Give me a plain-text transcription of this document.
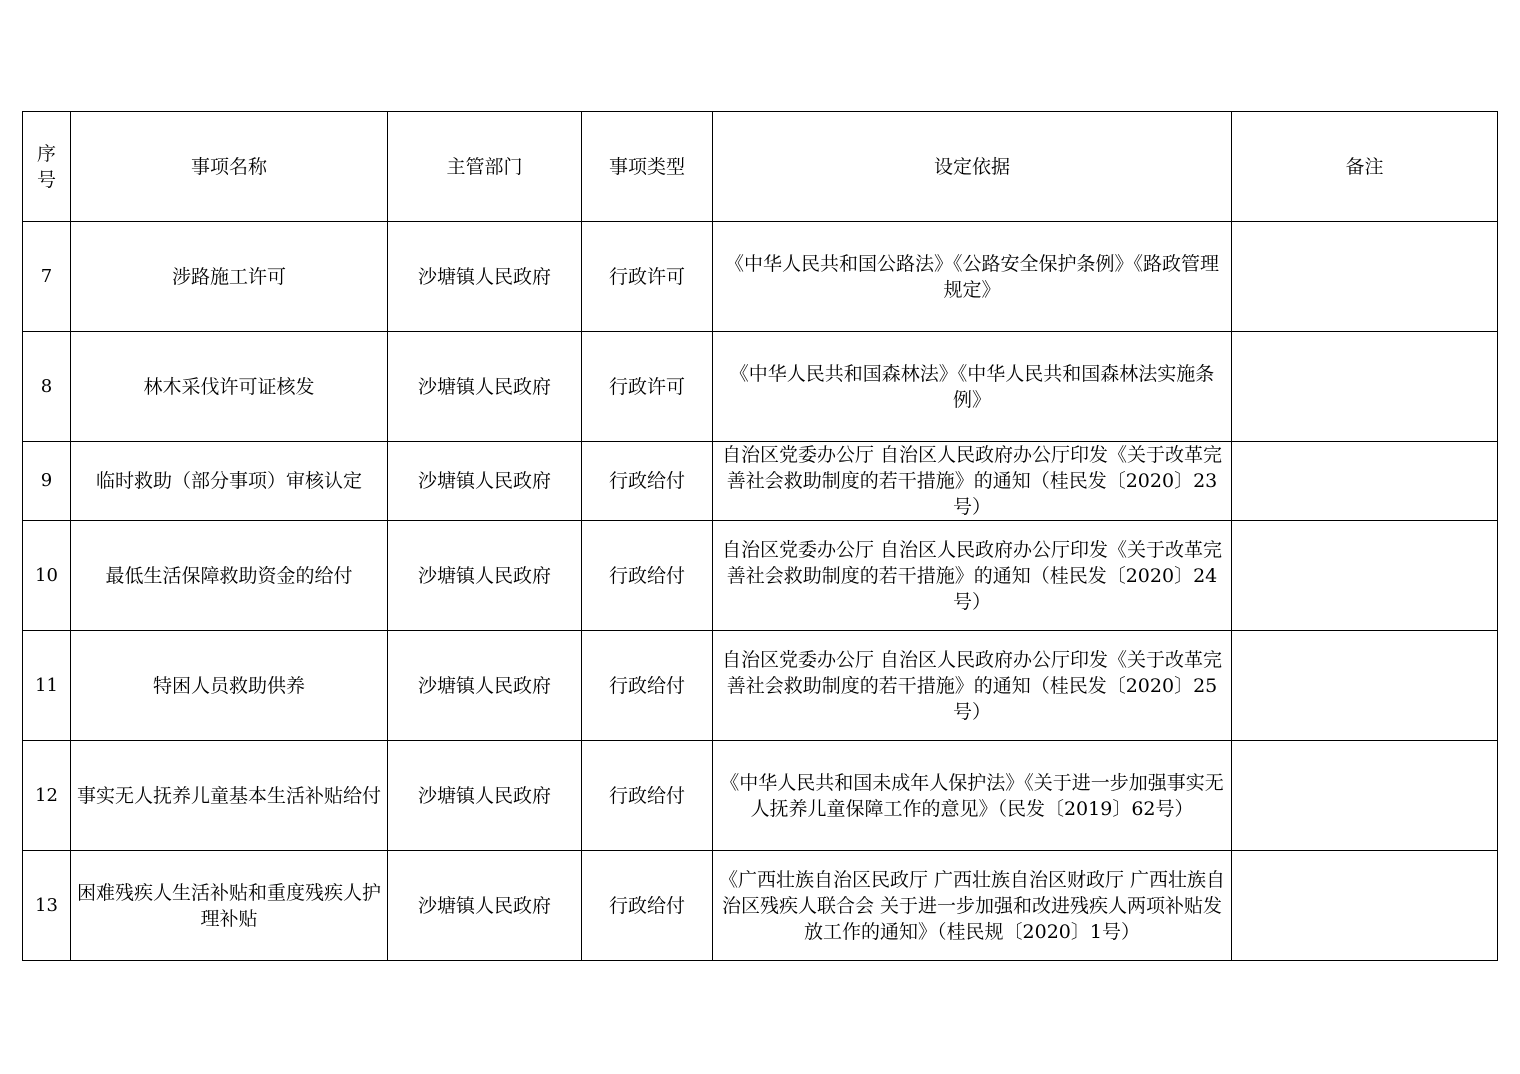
序号	事项名称	主管部门	事项类型	设定依据	备注
7	涉路施工许可	沙塘镇人民政府	行政许可	《中华人民共和国公路法》《公路安全保护条例》《路政管理规定》	
8	林木采伐许可证核发	沙塘镇人民政府	行政许可	《中华人民共和国森林法》《中华人民共和国森林法实施条例》	
9	临时救助（部分事项）审核认定	沙塘镇人民政府	行政给付	自治区党委办公厅 自治区人民政府办公厅印发《关于改革完善社会救助制度的若干措施》的通知（桂民发〔2020〕23号）	
10	最低生活保障救助资金的给付	沙塘镇人民政府	行政给付	自治区党委办公厅 自治区人民政府办公厅印发《关于改革完善社会救助制度的若干措施》的通知（桂民发〔2020〕24号）	
11	特困人员救助供养	沙塘镇人民政府	行政给付	自治区党委办公厅 自治区人民政府办公厅印发《关于改革完善社会救助制度的若干措施》的通知（桂民发〔2020〕25号）	
12	事实无人抚养儿童基本生活补贴给付	沙塘镇人民政府	行政给付	《中华人民共和国未成年人保护法》《关于进一步加强事实无人抚养儿童保障工作的意见》（民发〔2019〕62号）	
13	困难残疾人生活补贴和重度残疾人护理补贴	沙塘镇人民政府	行政给付	《广西壮族自治区民政厅 广西壮族自治区财政厅 广西壮族自治区残疾人联合会 关于进一步加强和改进残疾人两项补贴发放工作的通知》（桂民规〔2020〕1号）	
